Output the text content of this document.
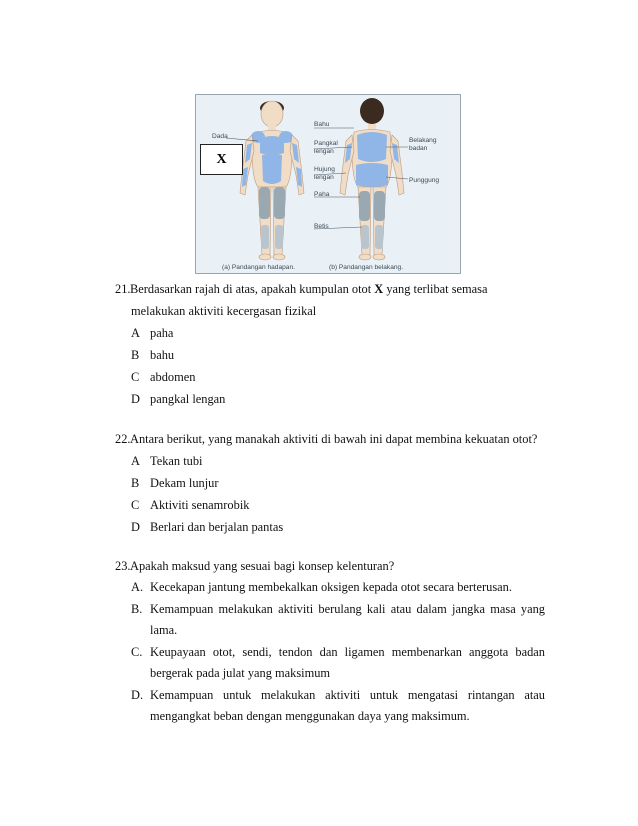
Dada
Bahu
Pangkal
lengan
Hujung
lengan
Paha
Betis
Belakang
badan
Punggung
(a) Pandangan hadapan.	(b) Pandangan belakang.
X

21.Berdasarkan rajah di atas, apakah kumpulan otot X yang terlibat semasa

melakukan aktiviti kecergasan fizikal

A paha
B bahu
C abdomen
D pangkal lengan

22.Antara berikut, yang manakah aktiviti di bawah ini dapat membina kekuatan otot?

A Tekan tubi
B Dekam lunjur
C Aktiviti senamrobik
D Berlari dan berjalan pantas

23.Apakah maksud yang sesuai bagi konsep kelenturan?

A. Kecekapan jantung membekalkan oksigen kepada otot secara berterusan.
B. Kemampuan melakukan aktiviti berulang kali atau dalam jangka masa yang lama.
C. Keupayaan otot, sendi, tendon dan ligamen membenarkan anggota badan bergerak pada julat yang maksimum
D. Kemampuan untuk melakukan aktiviti untuk mengatasi rintangan atau mengangkat beban dengan menggunakan daya yang maksimum.
